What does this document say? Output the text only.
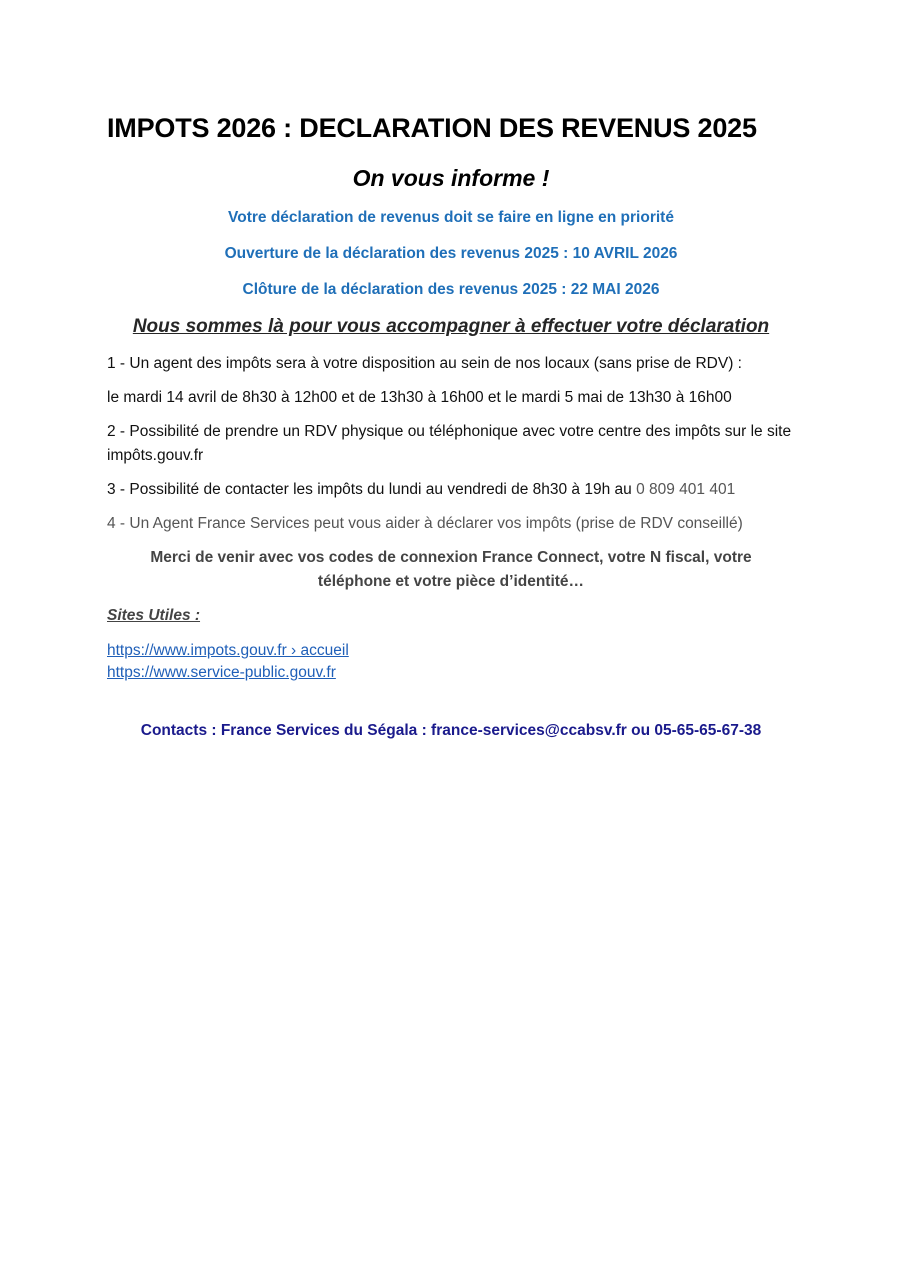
IMPOTS 2026 : DECLARATION DES REVENUS 2025
On vous informe !
Votre déclaration de revenus doit se faire en ligne en priorité
Ouverture de la déclaration des revenus 2025 : 10 AVRIL 2026
Clôture de la déclaration des revenus 2025 : 22 MAI 2026
Nous sommes là pour vous accompagner à effectuer votre déclaration
1 - Un agent des impôts sera à votre disposition au sein de nos locaux (sans prise de RDV) :
le mardi 14 avril de 8h30 à 12h00 et de 13h30 à 16h00 et le mardi 5 mai de 13h30 à 16h00
2 - Possibilité de prendre un RDV physique ou téléphonique avec votre centre des impôts sur le site impôts.gouv.fr
3 - Possibilité de contacter les impôts du lundi au vendredi de 8h30 à 19h au 0 809 401 401
4 - Un Agent France Services peut vous aider à déclarer vos impôts (prise de RDV conseillé)
Merci de venir avec vos codes de connexion France Connect, votre N fiscal, votre
téléphone et votre pièce d’identité…
Sites Utiles :
https://www.impots.gouv.fr › accueil
https://www.service-public.gouv.fr
Contacts : France Services du Ségala : france-services@ccabsv.fr ou 05-65-65-67-38
